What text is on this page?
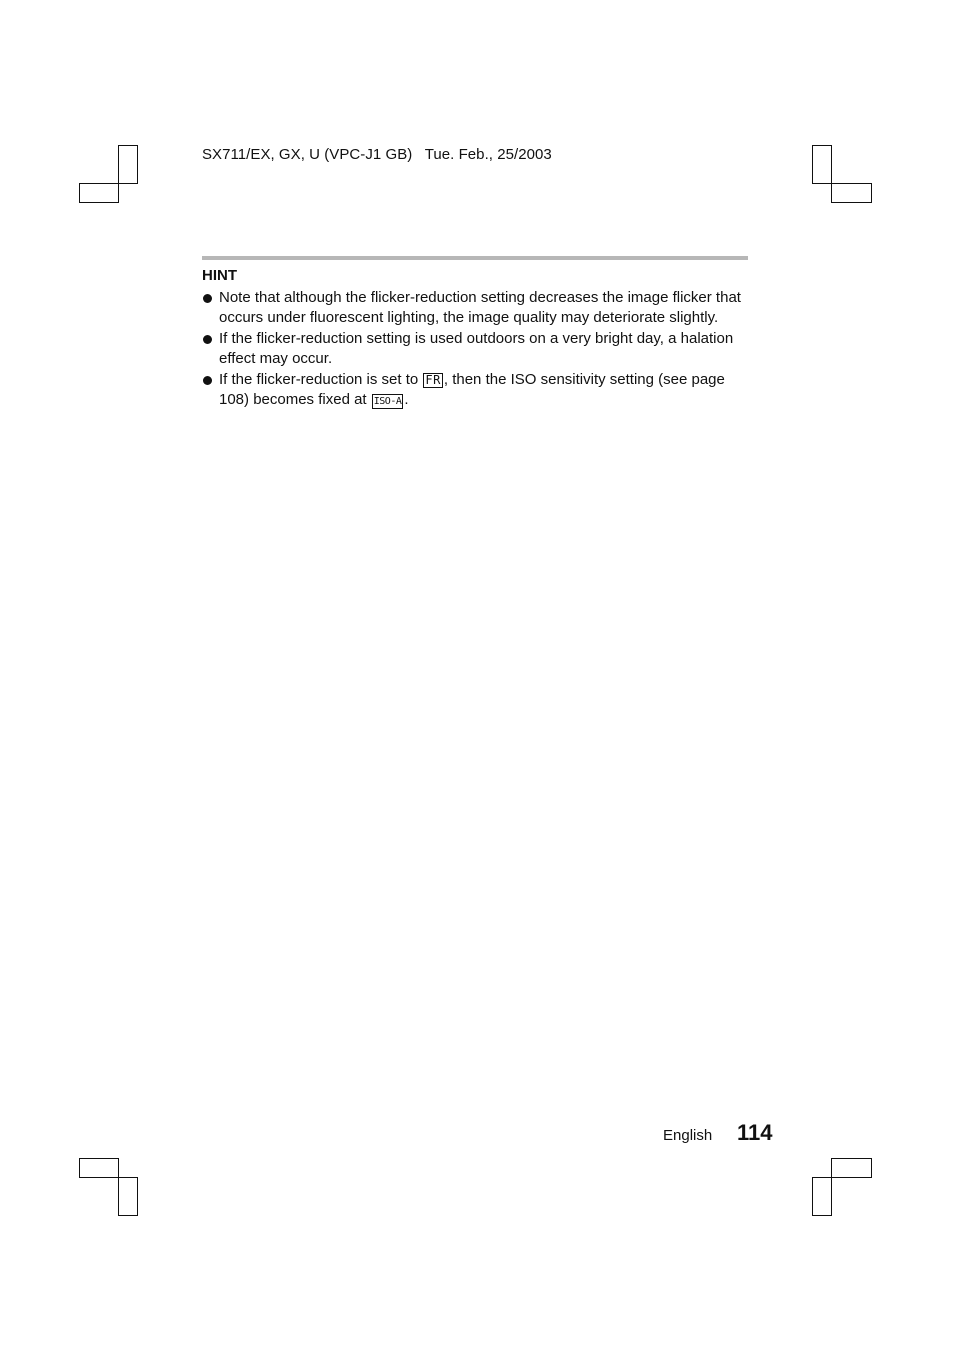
SX711/EX, GX, U (VPC-J1 GB) Tue. Feb., 25/2003
HINT
Note that although the flicker-reduction setting decreases the image flicker that occurs under fluorescent lighting, the image quality may deteriorate slightly.
If the flicker-reduction setting is used outdoors on a very bright day, a halation effect may occur.
If the flicker-reduction is set to FR , then the ISO sensitivity setting (see page 108) becomes fixed at ISO-A .
English 114
